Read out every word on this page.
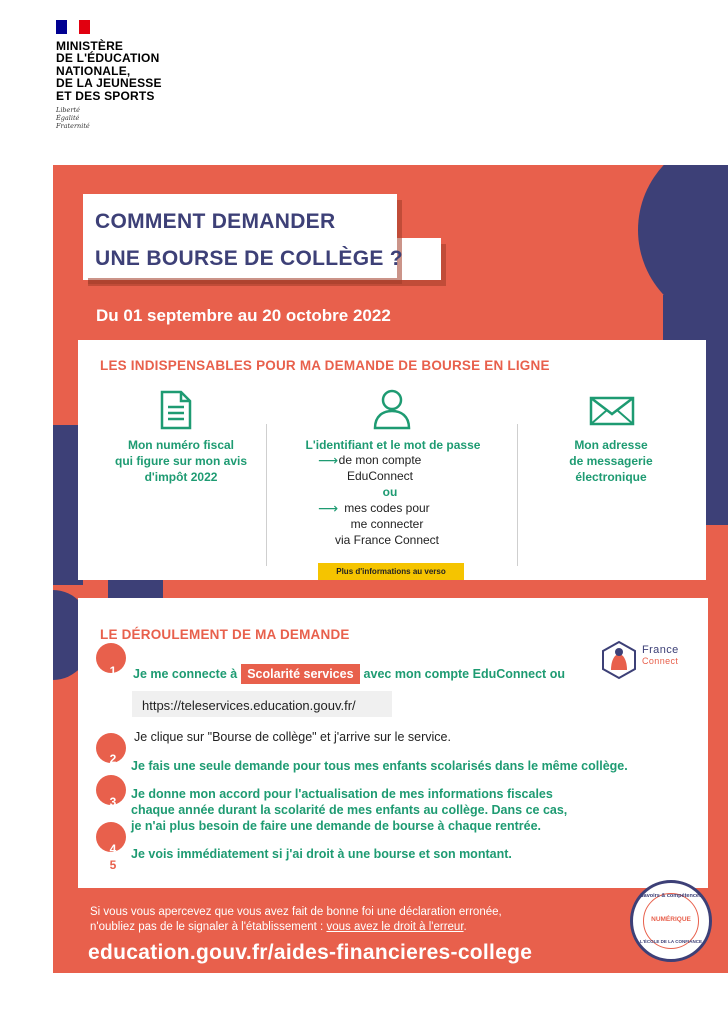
MINISTÈRE
DE L'ÉDUCATION
NATIONALE,
DE LA JEUNESSE
ET DES SPORTS
Liberté
Égalité
Fraternité
COMMENT DEMANDER
UNE BOURSE DE COLLÈGE ?
Du 01 septembre au 20 octobre 2022
LES INDISPENSABLES POUR MA DEMANDE DE BOURSE EN LIGNE
Mon numéro fiscal
qui figure sur mon avis
d'impôt 2022
L'identifiant et le mot de passe
⟶ de mon compte
EduConnect
ou
⟶ mes codes pour
me connecter
via France Connect
Mon adresse
de messagerie
électronique
Plus d'informations au verso
LE DÉROULEMENT DE MA DEMANDE
1	Je me connecte à Scolarité services avec mon compte EduConnect ou
France
Connect
https://teleservices.education.gouv.fr/
2
Je clique sur "Bourse de collège" et j'arrive sur le service.
3
Je fais une seule demande pour tous mes enfants scolarisés dans le même collège.
4
Je donne mon accord pour l'actualisation de mes informations fiscales
chaque année durant la scolarité de mes enfants au collège. Dans ce cas,
je n'ai plus besoin de faire une demande de bourse à chaque rentrée.
5
Je vois immédiatement si j'ai droit à une bourse et son montant.
Si vous vous apercevez que vous avez fait de bonne foi une déclaration erronée,
n'oubliez pas de le signaler à l'établissement : vous avez le droit à l'erreur.
education.gouv.fr/aides-financieres-college
Savoirs & compétences
NUMÉRIQUE
L'ÉCOLE DE LA CONFIANCE
